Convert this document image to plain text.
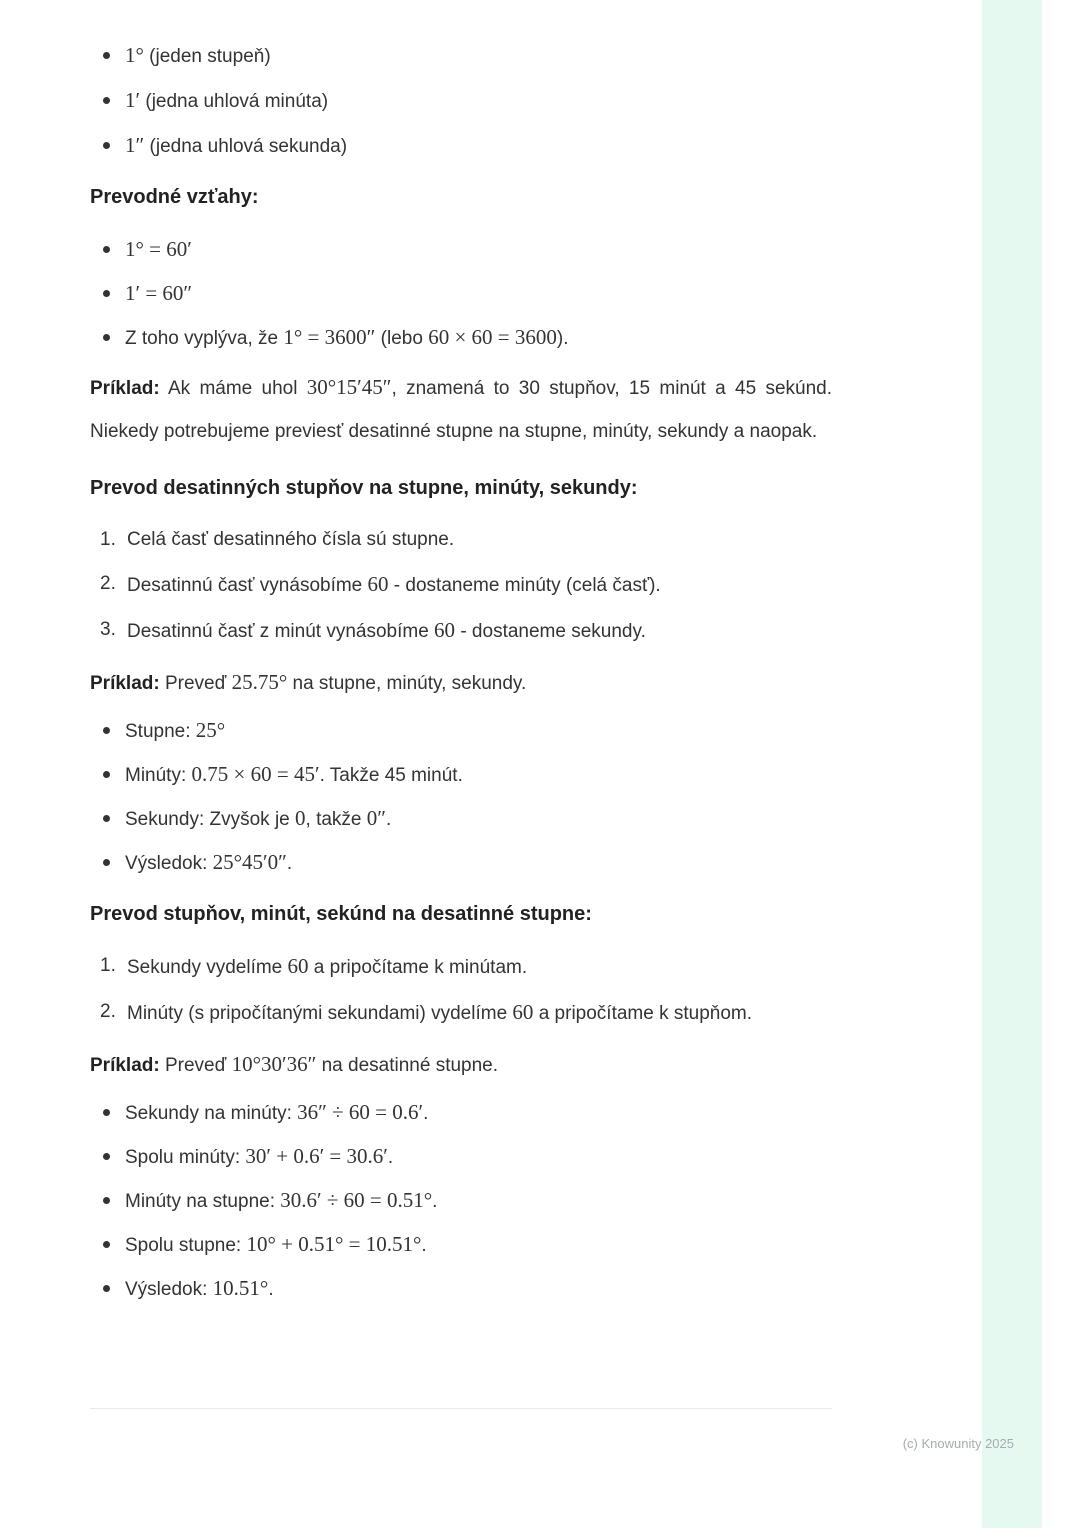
1° (jeden stupeň)
1′ (jedna uhlová minúta)
1″ (jedna uhlová sekunda)
Prevodné vzťahy:
1° = 60′
1′ = 60″
Z toho vyplýva, že 1° = 3600″ (lebo 60 × 60 = 3600).

Príklad: Ak máme uhol 30°15′45″, znamená to 30 stupňov, 15 minút a 45 sekúnd. Niekedy potrebujeme previesť desatinné stupne na stupne, minúty, sekundy a naopak.

Prevod desatinných stupňov na stupne, minúty, sekundy:
Celá časť desatinného čísla sú stupne.
Desatinnú časť vynásobíme 60 - dostaneme minúty (celá časť).
Desatinnú časť z minút vynásobíme 60 - dostaneme sekundy.

Príklad: Preveď 25.75° na stupne, minúty, sekundy.

Stupne: 25°
Minúty: 0.75 × 60 = 45′. Takže 45 minút.
Sekundy: Zvyšok je 0, takže 0″.
Výsledok: 25°45′0″.
Prevod stupňov, minút, sekúnd na desatinné stupne:
Sekundy vydelíme 60 a pripočítame k minútam.
Minúty (s pripočítanými sekundami) vydelíme 60 a pripočítame k stupňom.

Príklad: Preveď 10°30′36″ na desatinné stupne.

Sekundy na minúty: 36″ ÷ 60 = 0.6′.
Spolu minúty: 30′ + 0.6′ = 30.6′.
Minúty na stupne: 30.6′ ÷ 60 = 0.51°.
Spolu stupne: 10° + 0.51° = 10.51°.
Výsledok: 10.51°.
(c) Knowunity 2025
